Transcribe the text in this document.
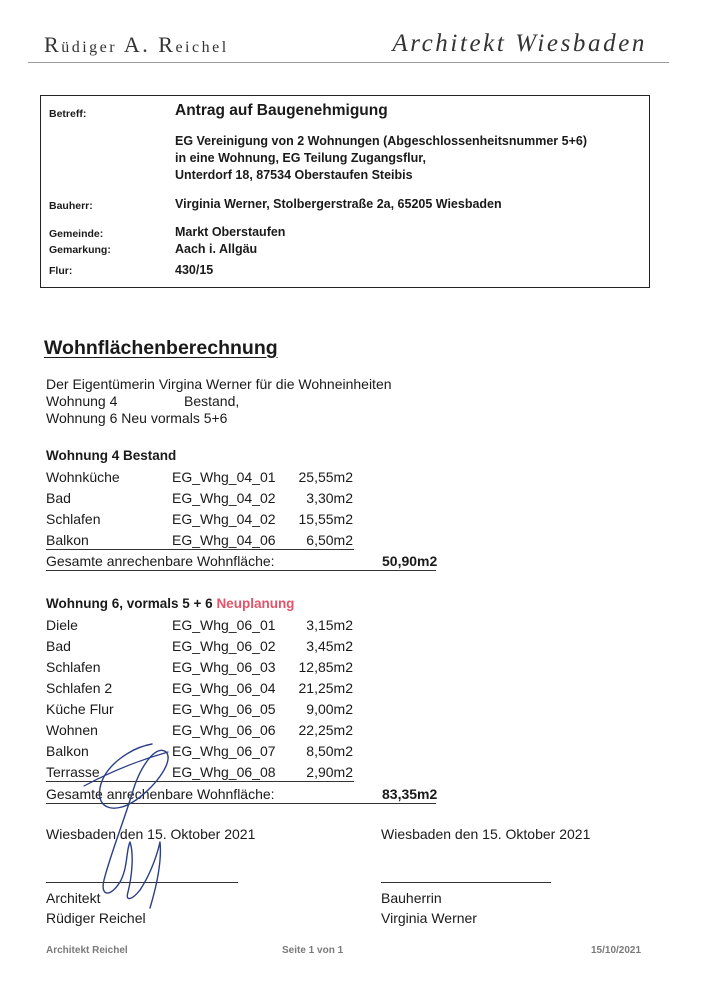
Rüdiger A. Reichel	Architekt Wiesbaden
Betreff:	Antrag auf Baugenehmigung
EG Vereinigung von 2 Wohnungen (Abgeschlossenheitsnummer 5+6)
in eine Wohnung, EG Teilung Zugangsflur,
Unterdorf 18, 87534 Oberstaufen Steibis
Bauherr:	Virginia Werner, Stolbergerstraße 2a, 65205 Wiesbaden
Gemeinde:	Markt Oberstaufen
Gemarkung:	Aach i. Allgäu
Flur:	430/15
Wohnflächenberechnung
Der Eigentümerin Virgina Werner für die Wohneinheiten
Wohnung 4	Bestand,
Wohnung 6 Neu vormals 5+6
Wohnung 4 Bestand
Wohnküche	EG_Whg_04_01 25,55m2
Bad	EG_Whg_04_02 3,30m2
Schlafen	EG_Whg_04_02 15,55m2
Balkon	EG_Whg_04_06 6,50m2
Gesamte anrechenbare Wohnfläche:	50,90m2
Wohnung 6, vormals 5 + 6 Neuplanung
Diele	EG_Whg_06_01 3,15m2
Bad	EG_Whg_06_02 3,45m2
Schlafen	EG_Whg_06_03 12,85m2
Schlafen 2	EG_Whg_06_04 21,25m2
Küche Flur	EG_Whg_06_05 9,00m2
Wohnen	EG_Whg_06_06 22,25m2
Balkon	EG_Whg_06_07 8,50m2
Terrasse	EG_Whg_06_08 2,90m2
Gesamte anrechenbare Wohnfläche:	83,35m2
Wiesbaden den 15. Oktober 2021	Wiesbaden den 15. Oktober 2021
Architekt
Rüdiger Reichel
Bauherrin
Virginia Werner
Architekt Reichel	Seite 1 von 1	15/10/2021
